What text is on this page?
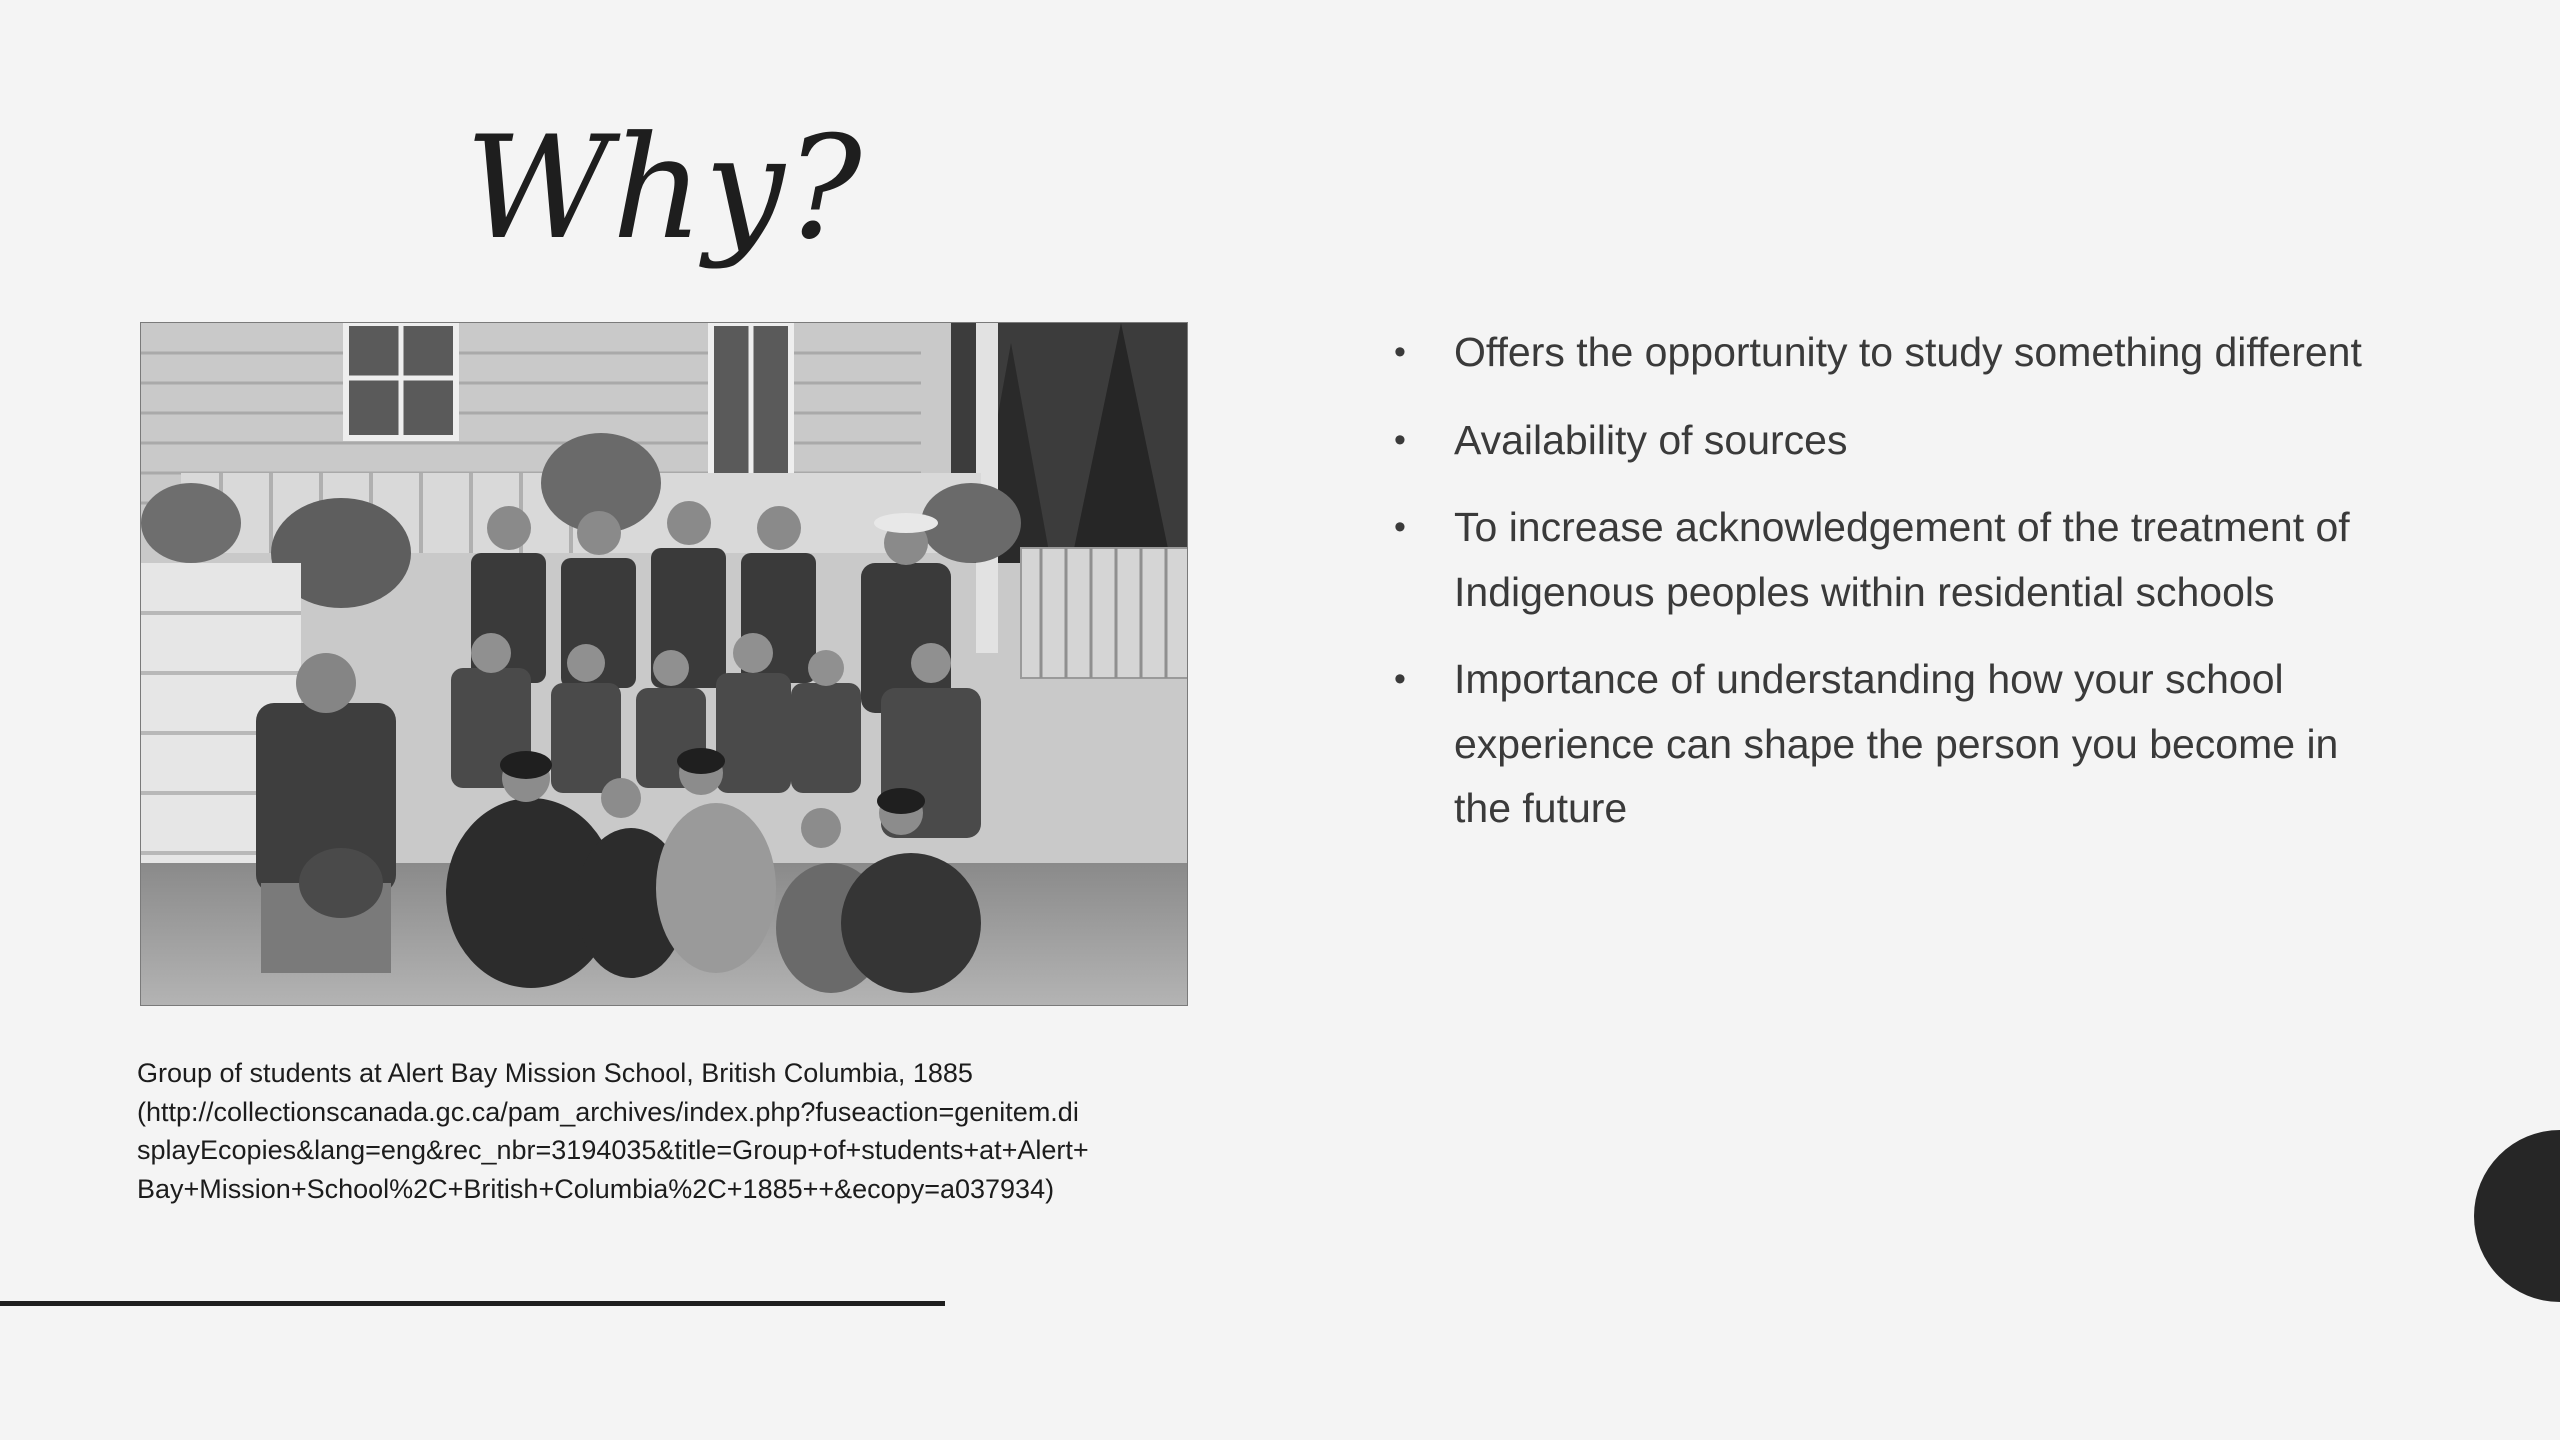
Why?
Group of students at Alert Bay Mission School, British Columbia, 1885
(http://collectionscanada.gc.ca/pam_archives/index.php?fuseaction=genitem.di
splayEcopies&lang=eng&rec_nbr=3194035&title=Group+of+students+at+Alert+
Bay+Mission+School%2C+British+Columbia%2C+1885++&ecopy=a037934)
•	Offers the opportunity to study something different
•	Availability of sources
•	To increase acknowledgement of the treatment of Indigenous peoples within residential schools
•	Importance of understanding how your school experience can shape the person you become in the future
